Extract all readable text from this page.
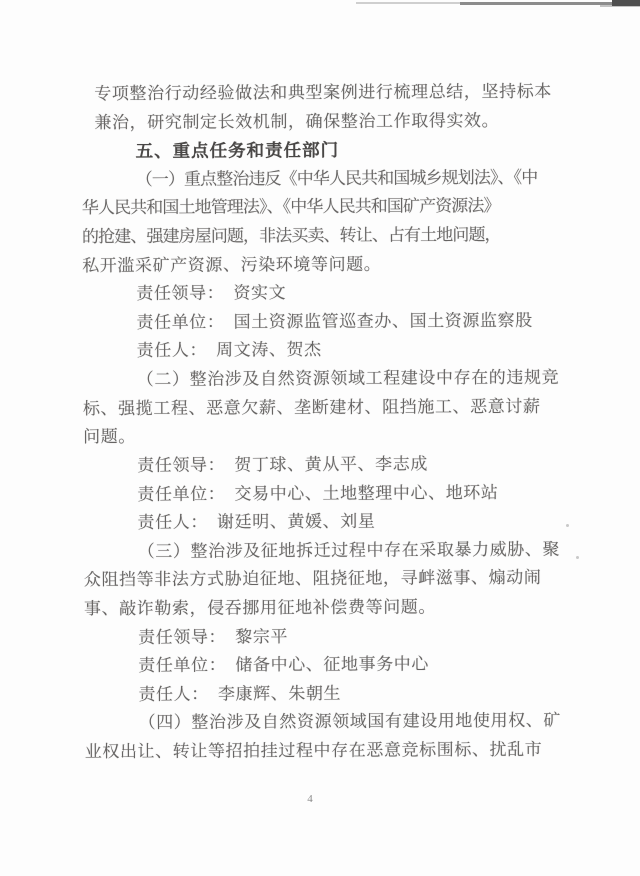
专项整治行动经验做法和典型案例进行梳理总结，坚持标本
兼治，研究制定长效机制，确保整治工作取得实效。
五、重点任务和责任部门
（一）重点整治违反《中华人民共和国城乡规划法》、《中
华人民共和国土地管理法》、《中华人民共和国矿产资源法》
的抢建、强建房屋问题，非法买卖、转让、占有土地问题，
私开滥采矿产资源、污染环境等问题。
责任领导：　资实文
责任单位：　国土资源监管巡查办、国土资源监察股
责任人：　周文涛、贺杰
（二）整治涉及自然资源领域工程建设中存在的违规竞
标、强揽工程、恶意欠薪、垄断建材、阻挡施工、恶意讨薪
问题。
责任领导：　贺丁球、黄从平、李志成
责任单位：　交易中心、土地整理中心、地环站
责任人：　谢廷明、黄媛、刘星
（三）整治涉及征地拆迁过程中存在采取暴力威胁、聚
众阻挡等非法方式胁迫征地、阻挠征地，寻衅滋事、煽动闹
事、敲诈勒索，侵吞挪用征地补偿费等问题。
责任领导：　黎宗平
责任单位：　储备中心、征地事务中心
责任人：　李康辉、朱朝生
（四）整治涉及自然资源领域国有建设用地使用权、矿
业权出让、转让等招拍挂过程中存在恶意竞标围标、扰乱市
4
